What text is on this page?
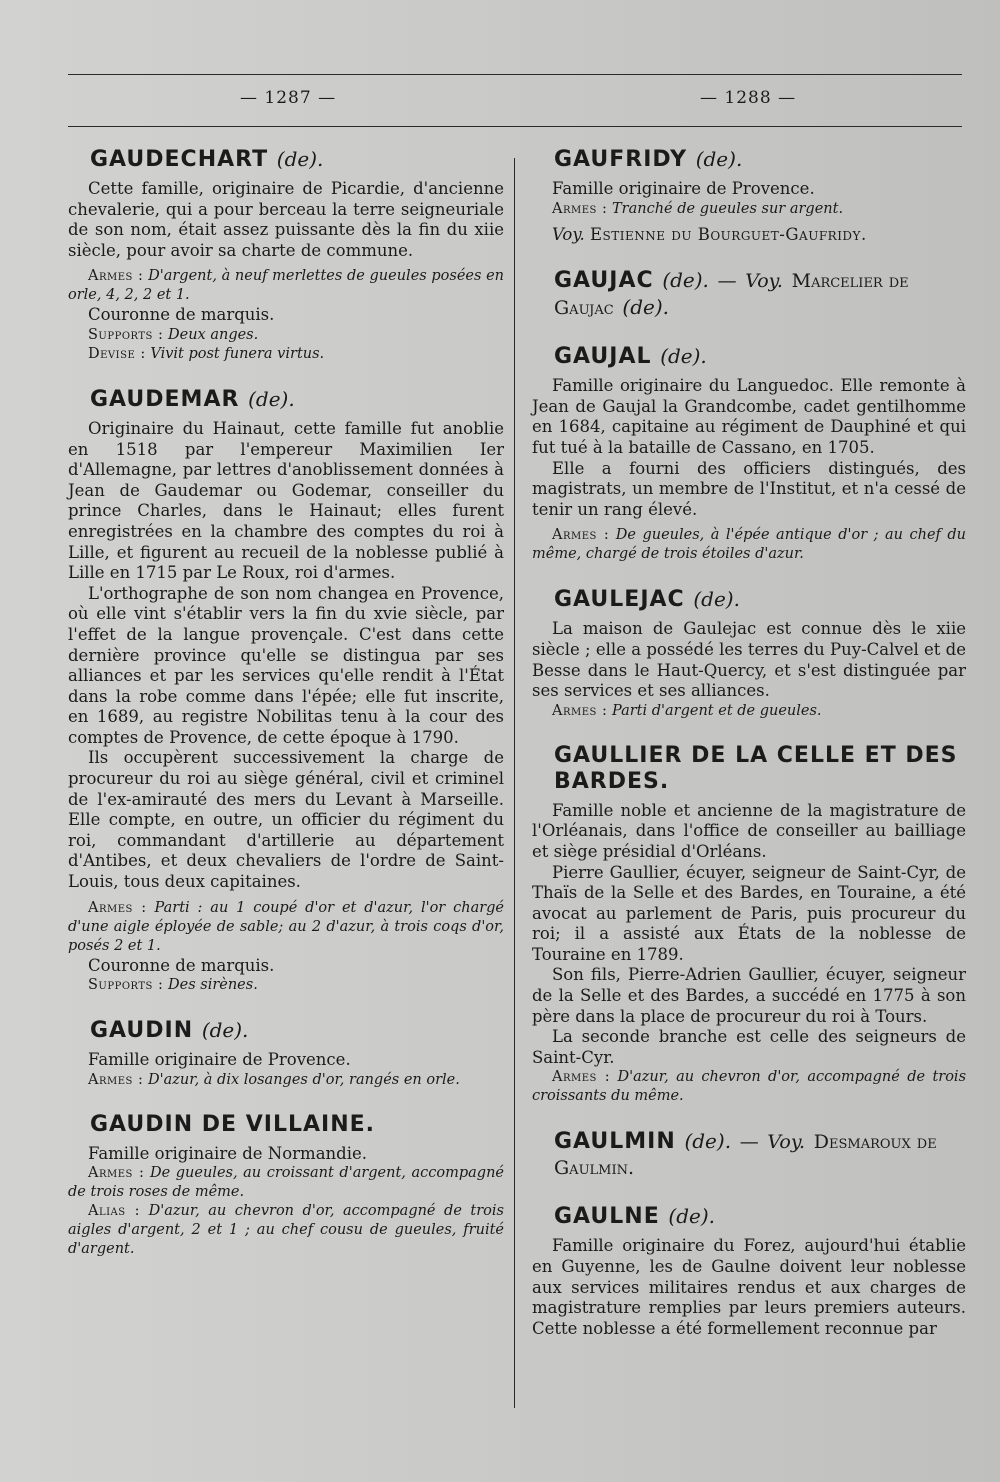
— 1287 —	— 1288 —
GAUDECHART (de).

Cette famille, originaire de Picardie, d'ancienne chevalerie, qui a pour berceau la terre seigneuriale de son nom, était assez puissante dès la fin du xiie siècle, pour avoir sa charte de commune.

Armes : D'argent, à neuf merlettes de gueules posées en orle, 4, 2, 2 et 1.

Couronne de marquis.

Supports : Deux anges.

Devise : Vivit post funera virtus.

GAUDEMAR (de).

Originaire du Hainaut, cette famille fut anoblie en 1518 par l'empereur Maximilien Ier d'Allemagne, par lettres d'anoblissement données à Jean de Gaudemar ou Godemar, conseiller du prince Charles, dans le Hainaut; elles furent enregistrées en la chambre des comptes du roi à Lille, et figurent au recueil de la noblesse publié à Lille en 1715 par Le Roux, roi d'armes.

L'orthographe de son nom changea en Provence, où elle vint s'établir vers la fin du xvie siècle, par l'effet de la langue provençale. C'est dans cette dernière province qu'elle se distingua par ses alliances et par les services qu'elle rendit à l'État dans la robe comme dans l'épée; elle fut inscrite, en 1689, au registre Nobilitas tenu à la cour des comptes de Provence, de cette époque à 1790.

Ils occupèrent successivement la charge de procureur du roi au siège général, civil et criminel de l'ex-amirauté des mers du Levant à Marseille. Elle compte, en outre, un officier du régiment du roi, commandant d'artillerie au département d'Antibes, et deux chevaliers de l'ordre de Saint-Louis, tous deux capitaines.

Armes : Parti : au 1 coupé d'or et d'azur, l'or chargé d'une aigle éployée de sable; au 2 d'azur, à trois coqs d'or, posés 2 et 1.

Couronne de marquis.

Supports : Des sirènes.

GAUDIN (de).

Famille originaire de Provence.

Armes : D'azur, à dix losanges d'or, rangés en orle.

GAUDIN DE VILLAINE.

Famille originaire de Normandie.

Armes : De gueules, au croissant d'argent, accompagné de trois roses de même.

Alias : D'azur, au chevron d'or, accompagné de trois aigles d'argent, 2 et 1 ; au chef cousu de gueules, fruité d'argent.

GAUFRIDY (de).

Famille originaire de Provence.

Armes : Tranché de gueules sur argent.

Voy. Estienne du Bourguet-Gaufridy.

GAUJAC (de). — Voy. Marcelier de Gaujac (de).
GAUJAL (de).

Famille originaire du Languedoc. Elle remonte à Jean de Gaujal la Grandcombe, cadet gentilhomme en 1684, capitaine au régiment de Dauphiné et qui fut tué à la bataille de Cassano, en 1705.

Elle a fourni des officiers distingués, des magistrats, un membre de l'Institut, et n'a cessé de tenir un rang élevé.

Armes : De gueules, à l'épée antique d'or ; au chef du même, chargé de trois étoiles d'azur.

GAULEJAC (de).

La maison de Gaulejac est connue dès le xiie siècle ; elle a possédé les terres du Puy-Calvel et de Besse dans le Haut-Quercy, et s'est distinguée par ses services et ses alliances.

Armes : Parti d'argent et de gueules.

GAULLIER DE LA CELLE ET DES BARDES.

Famille noble et ancienne de la magistrature de l'Orléanais, dans l'office de conseiller au bailliage et siège présidial d'Orléans.

Pierre Gaullier, écuyer, seigneur de Saint-Cyr, de Thaïs de la Selle et des Bardes, en Touraine, a été avocat au parlement de Paris, puis procureur du roi; il a assisté aux États de la noblesse de Touraine en 1789.

Son fils, Pierre-Adrien Gaullier, écuyer, seigneur de la Selle et des Bardes, a succédé en 1775 à son père dans la place de procureur du roi à Tours.

La seconde branche est celle des seigneurs de Saint-Cyr.

Armes : D'azur, au chevron d'or, accompagné de trois croissants du même.

GAULMIN (de). — Voy. Desmaroux de Gaulmin.
GAULNE (de).

Famille originaire du Forez, aujourd'hui établie en Guyenne, les de Gaulne doivent leur noblesse aux services militaires rendus et aux charges de magistrature remplies par leurs premiers auteurs. Cette noblesse a été formellement reconnue par
